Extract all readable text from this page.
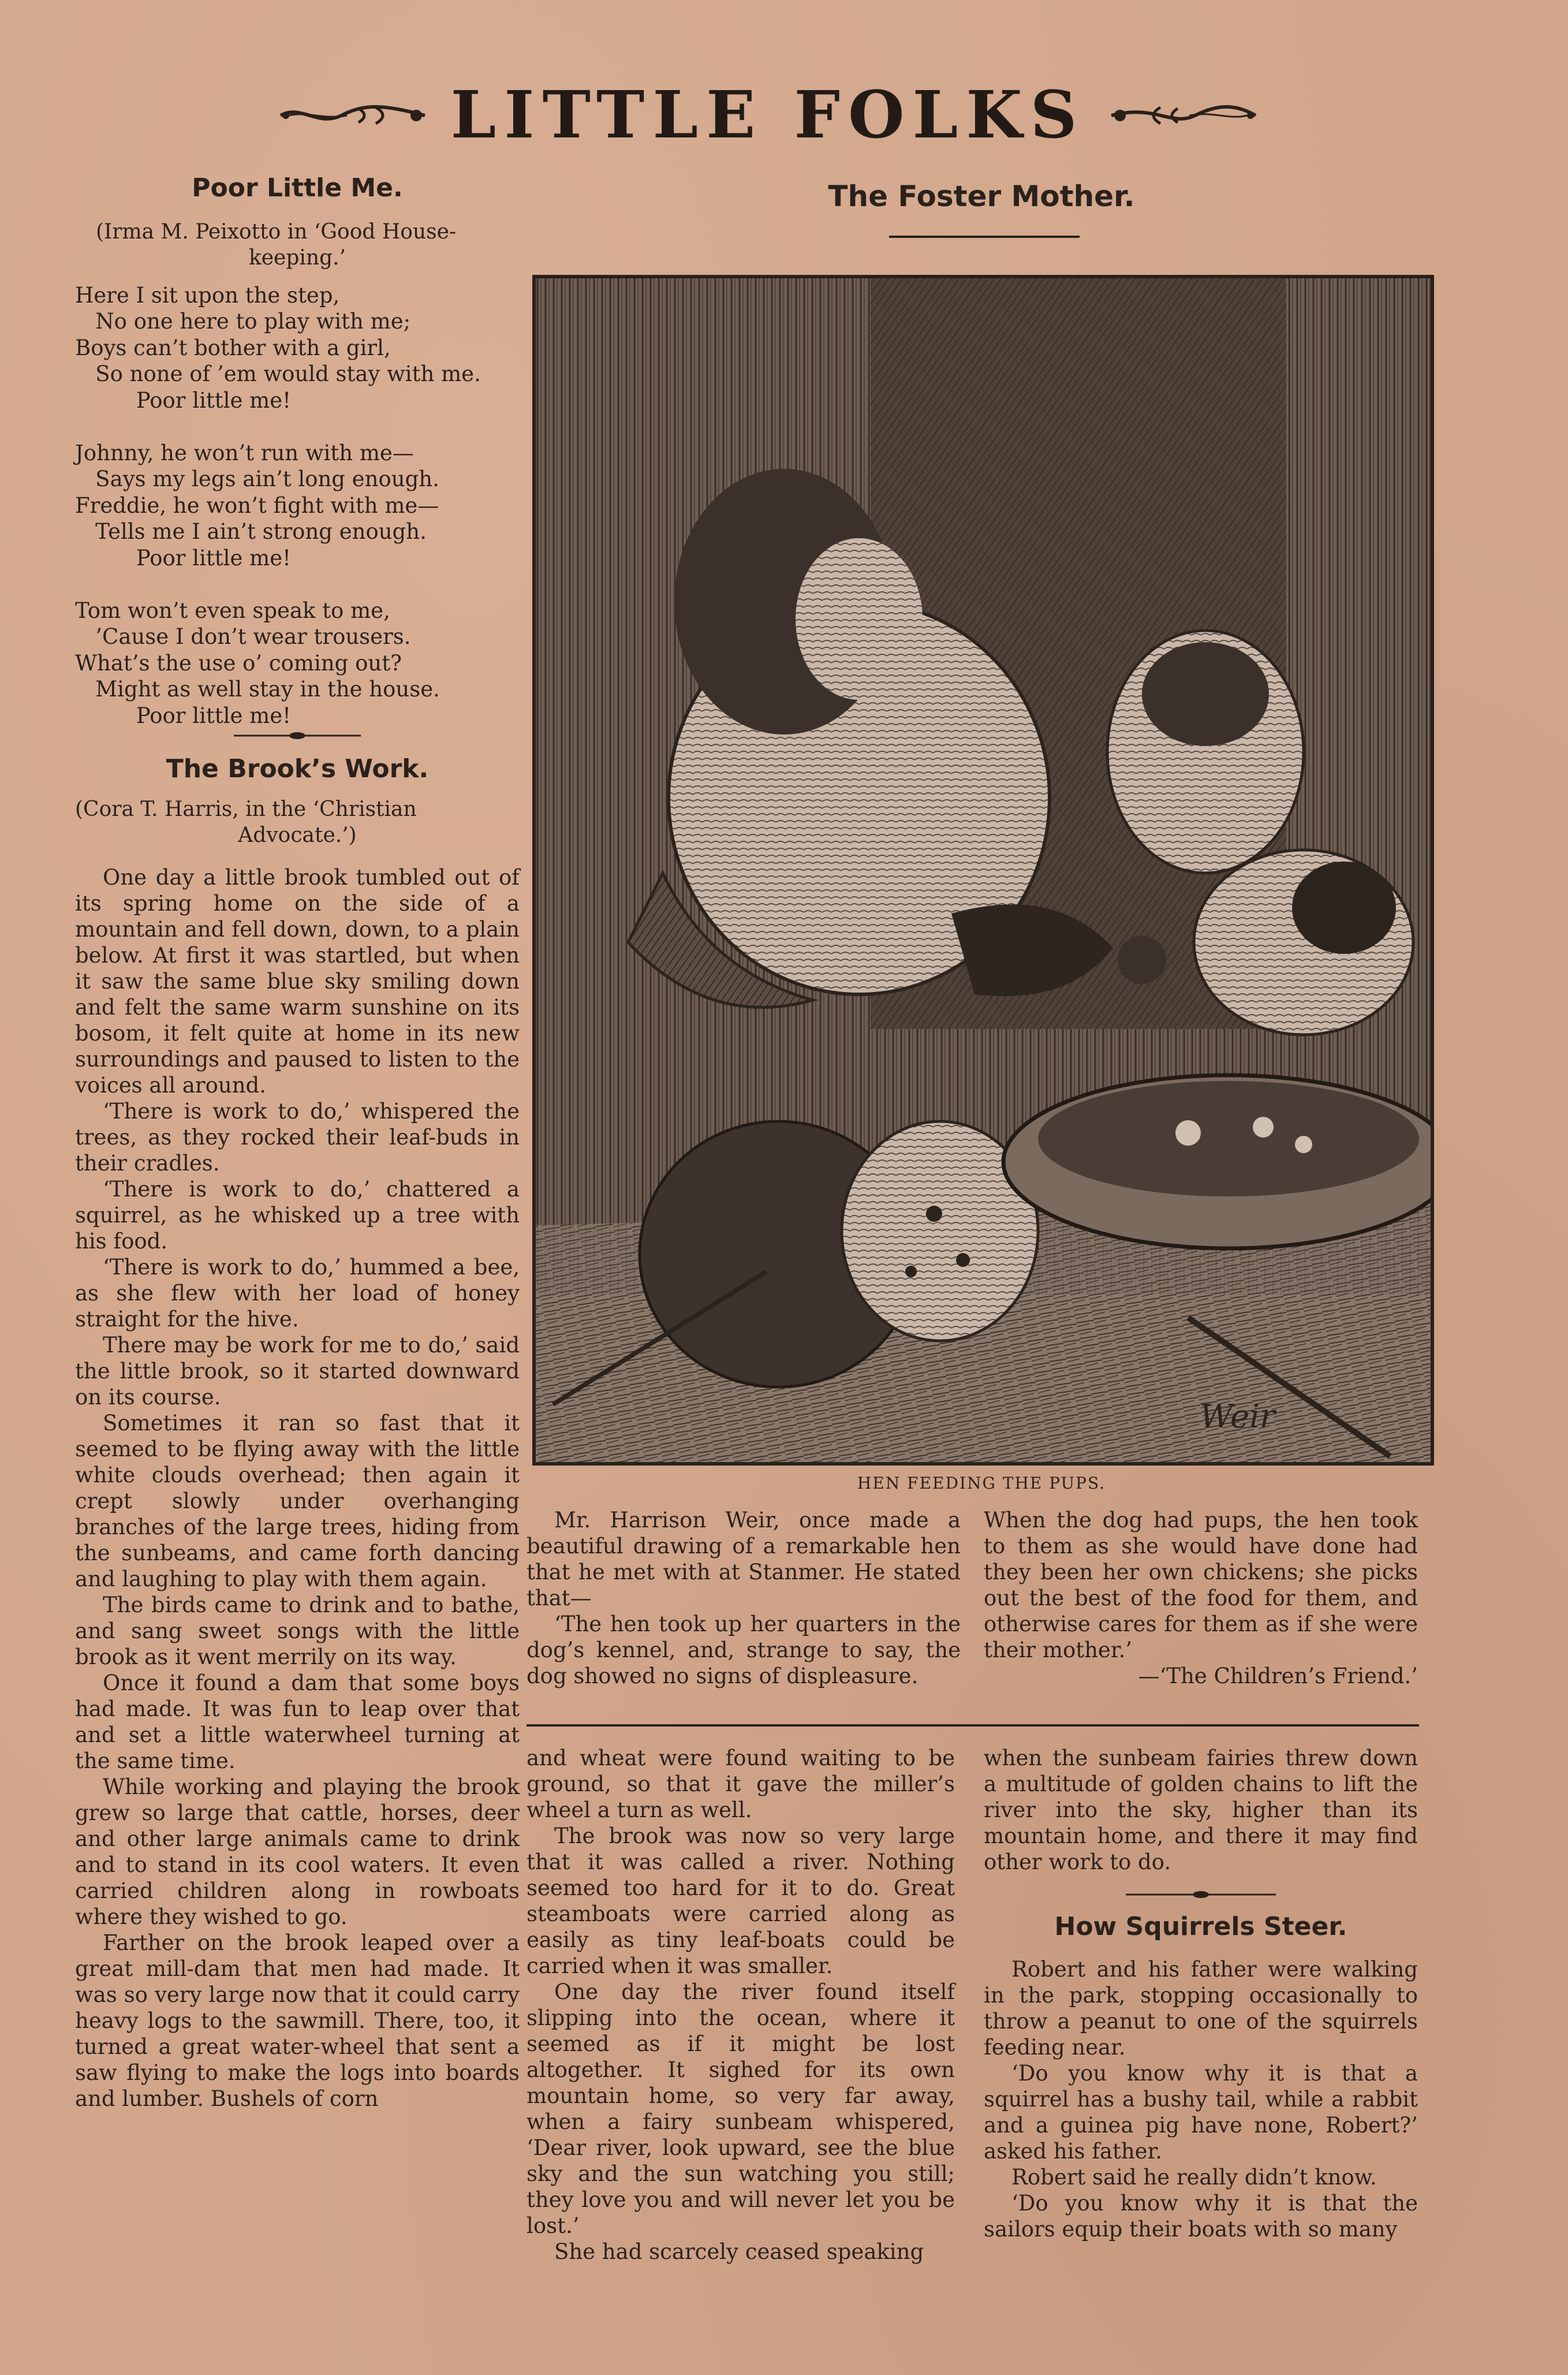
LITTLE FOLKS
Poor Little Me.

(Irma M. Peixotto in ‘Good House-

keeping.’

Here I sit upon the step,

No one here to play with me;

Boys can’t bother with a girl,

So none of ’em would stay with me.

Poor little me!

Johnny, he won’t run with me—

Says my legs ain’t long enough.

Freddie, he won’t fight with me—

Tells me I ain’t strong enough.

Poor little me!

Tom won’t even speak to me,

’Cause I don’t wear trousers.

What’s the use o’ coming out?

Might as well stay in the house.

Poor little me!

The Brook’s Work.

(Cora T. Harris, in the ‘Christian

Advocate.’)

One day a little brook tumbled out of its spring home on the side of a mountain and fell down, down, to a plain below. At first it was startled, but when it saw the same blue sky smiling down and felt the same warm sunshine on its bosom, it felt quite at home in its new surroundings and paused to listen to the voices all around.

‘There is work to do,’ whispered the trees, as they rocked their leaf-buds in their cradles.

‘There is work to do,’ chattered a squirrel, as he whisked up a tree with his food.

‘There is work to do,’ hummed a bee, as she flew with her load of honey straight for the hive.

There may be work for me to do,’ said the little brook, so it started downward on its course.

Sometimes it ran so fast that it seemed to be flying away with the little white clouds overhead; then again it crept slowly under overhanging branches of the large trees, hiding from the sunbeams, and came forth dancing and laughing to play with them again.

The birds came to drink and to bathe, and sang sweet songs with the little brook as it went merrily on its way.

Once it found a dam that some boys had made. It was fun to leap over that and set a little waterwheel turning at the same time.

While working and playing the brook grew so large that cattle, horses, deer and other large animals came to drink and to stand in its cool waters. It even carried children along in rowboats where they wished to go.

Farther on the brook leaped over a great mill-dam that men had made. It was so very large now that it could carry heavy logs to the sawmill. There, too, it turned a great water-wheel that sent a saw flying to make the logs into boards and lumber. Bushels of corn

The Foster Mother.
Weir
HEN FEEDING THE PUPS.

Mr. Harrison Weir, once made a beautiful drawing of a remarkable hen that he met with at Stanmer. He stated that—

‘The hen took up her quarters in the dog’s kennel, and, strange to say, the dog showed no signs of displeasure.

When the dog had pups, the hen took to them as she would have done had they been her own chickens; she picks out the best of the food for them, and otherwise cares for them as if she were their mother.’

—‘The Children’s Friend.’

and wheat were found waiting to be ground, so that it gave the miller’s wheel a turn as well.

The brook was now so very large that it was called a river. Nothing seemed too hard for it to do. Great steamboats were carried along as easily as tiny leaf-boats could be carried when it was smaller.

One day the river found itself slipping into the ocean, where it seemed as if it might be lost altogether. It sighed for its own mountain home, so very far away, when a fairy sunbeam whispered, ‘Dear river, look upward, see the blue sky and the sun watching you still; they love you and will never let you be lost.’

She had scarcely ceased speaking

when the sunbeam fairies threw down a multitude of golden chains to lift the river into the sky, higher than its mountain home, and there it may find other work to do.

How Squirrels Steer.

Robert and his father were walking in the park, stopping occasionally to throw a peanut to one of the squirrels feeding near.

‘Do you know why it is that a squirrel has a bushy tail, while a rabbit and a guinea pig have none, Robert?’ asked his father.

Robert said he really didn’t know.

‘Do you know why it is that the sailors equip their boats with so many
